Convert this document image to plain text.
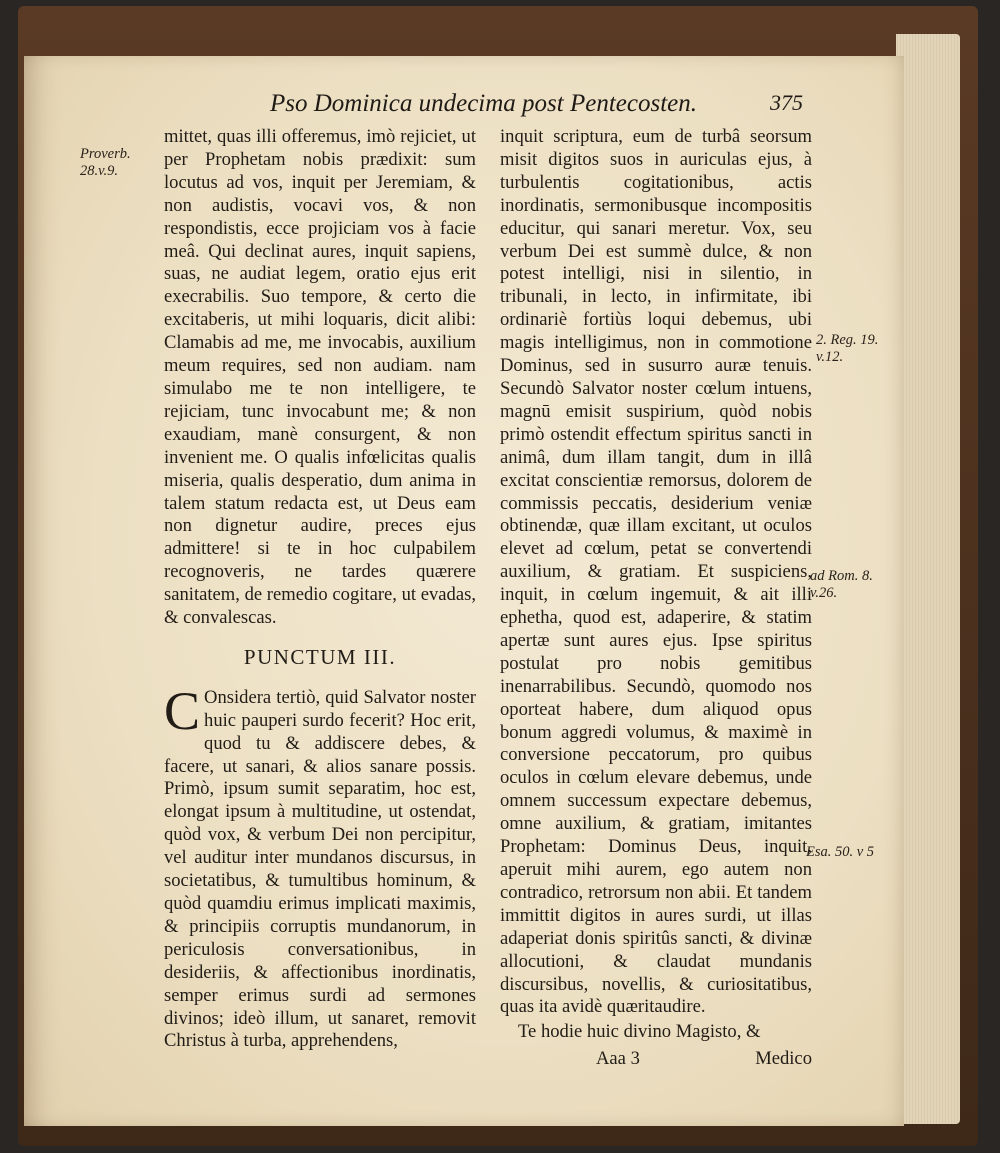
Pso Dominica undecima post Pentecosten.	375
Proverb.
28.v.9.
2. Reg. 19.
v.12.
ad Rom. 8.
v.26.
Esa. 50. v 5

mittet, quas illi offeremus, imò rejiciet, ut per Prophetam nobis prædixit: sum locutus ad vos, inquit per Jeremiam, & non audistis, vocavi vos, & non respondistis, ecce projiciam vos à facie meâ. Qui declinat aures, inquit sapiens, suas, ne audiat legem, oratio ejus erit execrabilis. Suo tempore, & certo die excitaberis, ut mihi loquaris, dicit alibi: Clamabis ad me, me invocabis, auxilium meum requires, sed non audiam. nam simulabo me te non intelligere, te rejiciam, tunc invocabunt me; & non exaudiam, manè consurgent, & non invenient me. O qualis infœlicitas qualis miseria, qualis desperatio, dum anima in talem statum redacta est, ut Deus eam non dignetur audire, preces ejus admittere! si te in hoc culpabilem recognoveris, ne tardes quærere sanitatem, de remedio cogitare, ut evadas, & convalescas.

PUNCTUM III.

C Onsidera tertiò, quid Salvator noster huic pauperi surdo fecerit? Hoc erit, quod tu & addiscere debes, & facere, ut sanari, & alios sanare possis. Primò, ipsum sumit separatim, hoc est, elongat ipsum à multitudine, ut ostendat, quòd vox, & verbum Dei non percipitur, vel auditur inter mundanos discursus, in societatibus, & tumultibus hominum, & quòd quamdiu erimus implicati maximis, & principiis corruptis mundanorum, in periculosis conversationibus, in desideriis, & affectionibus inordinatis, semper erimus surdi ad sermones divinos; ideò illum, ut sanaret, removit Christus à turba, apprehendens,

inquit scriptura, eum de turbâ seorsum misit digitos suos in auriculas ejus, à turbulentis cogitationibus, actis inordinatis, sermonibusque incompositis educitur, qui sanari meretur. Vox, seu verbum Dei est summè dulce, & non potest intelligi, nisi in silentio, in tribunali, in lecto, in infirmitate, ibi ordinariè fortiùs loqui debemus, ubi magis intelligimus, non in commotione Dominus, sed in susurro auræ tenuis. Secundò Salvator noster cœlum intuens, magnū emisit suspirium, quòd nobis primò ostendit effectum spiritus sancti in animâ, dum illam tangit, dum in illâ excitat conscientiæ remorsus, dolorem de commissis peccatis, desiderium veniæ obtinendæ, quæ illam excitant, ut oculos elevet ad cœlum, petat se convertendi auxilium, & gratiam. Et suspiciens, inquit, in cœlum ingemuit, & ait illi ephetha, quod est, adaperire, & statim apertæ sunt aures ejus. Ipse spiritus postulat pro nobis gemitibus inenarrabilibus. Secundò, quomodo nos oporteat habere, dum aliquod opus bonum aggredi volumus, & maximè in conversione peccatorum, pro quibus oculos in cœlum elevare debemus, unde omnem successum expectare debemus, omne auxilium, & gratiam, imitantes Prophetam: Dominus Deus, inquit, aperuit mihi aurem, ego autem non contradico, retrorsum non abii. Et tandem immittit digitos in aures surdi, ut illas adaperiat donis spiritûs sancti, & divinæ allocutioni, & claudat mundanis discursibus, novellis, & curiositatibus, quas ita avidè quæritaudire.

Te hodie huic divino Magisto, &

Aaa 3	Medico
